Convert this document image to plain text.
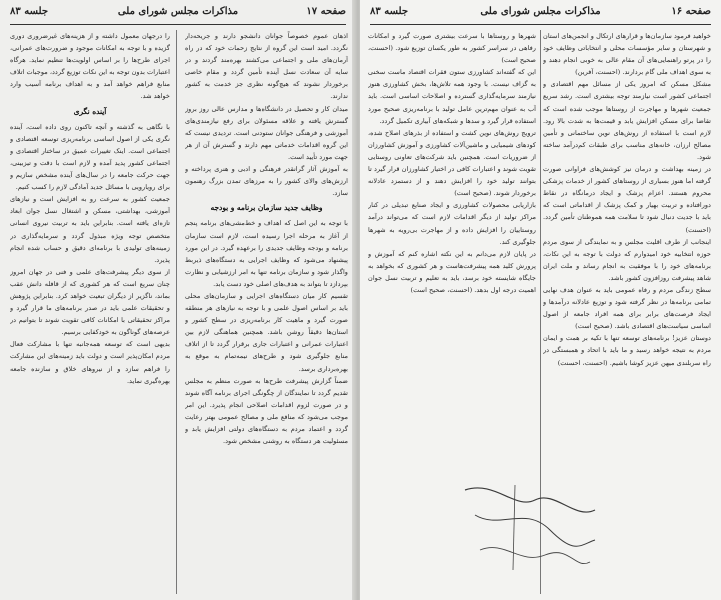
صفحه ۱۷
مذاکرات مجلس شورای ملی
جلسه ۸۳

اذهان عموم خصوصاً جوانان دانشجو دارند و جریحه‌دار نگردد. امید است این گروه از نتایج زحمات خود که در راه آرمان‌های ملی و اجتماعی می‌کشند بهره‌مند گردند و در سایه آن سعادت نسل آینده تأمین گردد و مقام خاصی برخوردار نشوند که هیچ‌گونه نظری جز خدمت به کشور ندارند.

میدان کار و تحصیل در دانشگاه‌ها و مدارس عالی روز بروز گسترش یافته و علاقه مسئولان برای رفع نیازمندی‌های آموزشی و فرهنگی جوانان ستودنی است. تردیدی نیست که این گروه اقدامات خدماتی مهم دارند و گسترش آن از هر جهت مورد تأیید است.

به آموزش آثار گرانقدر فرهنگی و ادبی و هنری پرداخته و ارزش‌های والای کشور را به مرزهای تمدن بزرگ رهنمون سازد.

وظایف جدید سازمان برنامه و بودجه

با توجه به این اصل که اهداف و خط‌مشی‌های برنامه پنجم از آغاز به مرحله اجرا رسیده است، لازم است سازمان برنامه و بودجه وظایف جدیدی را برعهده گیرد. در این مورد پیشنهاد می‌شود که وظایف اجرایی به دستگاه‌های ذیربط واگذار شود و سازمان برنامه تنها به امر ارزشیابی و نظارت بپردازد تا بتواند به هدف‌های اصلی خود دست یابد.

تقسیم کار میان دستگاه‌های اجرایی و سازمان‌های محلی باید بر اساس اصول علمی و با توجه به نیازهای هر منطقه صورت گیرد و ماهیت کار برنامه‌ریزی در سطح کشور و استان‌ها دقیقاً روشن باشد. همچنین هماهنگی لازم بین اعتبارات عمرانی و اعتبارات جاری برقرار گردد تا از اتلاف منابع جلوگیری شود و طرح‌های نیمه‌تمام به موقع به بهره‌برداری برسد.

ضمناً گزارش پیشرفت طرح‌ها به صورت منظم به مجلس تقدیم گردد تا نمایندگان از چگونگی اجرای برنامه آگاه شوند و در صورت لزوم اقدامات اصلاحی انجام پذیرد. این امر موجب می‌شود که منافع ملی و مصالح عمومی بهتر رعایت گردد و اعتماد مردم به دستگاه‌های دولتی افزایش یابد و مسئولیت هر دستگاه به روشنی مشخص شود.

را درجهان معمول داشته و از هزینه‌های غیرضروری دوری گزیده و با توجه به امکانات موجود و ضرورت‌های عمرانی، اجرای طرح‌ها را بر اساس اولویت‌ها تنظیم نماید. هرگاه اعتبارات بدون توجه به این نکات توزیع گردد، موجبات اتلاف منابع فراهم خواهد آمد و به اهداف برنامه آسیب وارد خواهد شد.

آینده نگری

با نگاهی به گذشته و آنچه تاکنون روی داده است، آینده نگری یکی از اصول اساسی برنامه‌ریزی توسعه اقتصادی و اجتماعی است. اینک تغییرات عمیق در ساختار اقتصادی و اجتماعی کشور پدید آمده و لازم است با دقت و تیزبینی، جهت حرکت جامعه را در سال‌های آینده مشخص سازیم و برای رویارویی با مسائل جدید آمادگی لازم را کسب کنیم.

جمعیت کشور به سرعت رو به افزایش است و نیازهای آموزشی، بهداشتی، مسکن و اشتغال نسل جوان ابعاد تازه‌ای یافته است. بنابراین باید به تربیت نیروی انسانی متخصص توجه ویژه مبذول گردد و سرمایه‌گذاری در زمینه‌های تولیدی با برنامه‌ای دقیق و حساب شده انجام پذیرد.

از سوی دیگر پیشرفت‌های علمی و فنی در جهان امروز چنان سریع است که هر کشوری که از قافله دانش عقب بماند، ناگزیر از دیگران تبعیت خواهد کرد. بنابراین پژوهش و تحقیقات علمی باید در صدر برنامه‌های ما قرار گیرد و مراکز تحقیقاتی با امکانات کافی تقویت شوند تا بتوانیم در عرصه‌های گوناگون به خودکفایی برسیم.

بدیهی است که توسعه همه‌جانبه تنها با مشارکت فعال مردم امکان‌پذیر است و دولت باید زمینه‌های این مشارکت را فراهم سازد و از نیروهای خلاق و سازنده جامعه بهره‌گیری نماید.

صفحه ۱۶
مذاکرات مجلس شورای ملی
جلسه ۸۳

خواهید فرمود سازمان‌ها و قرارهای ارتکال و انجمن‌های استان و شهرستان و سایر مؤسسات محلی و انتخاباتی وظایف خود را در پرتو راهنمایی‌های آن مقام عالی به خوبی انجام دهند و به سوی اهداف ملی گام بردارند. (احسنت، آفرین)

مشکل مسکن که امروز یکی از مسائل مهم اقتصادی و اجتماعی کشور است نیازمند توجه بیشتری است. رشد سریع جمعیت شهرها و مهاجرت از روستاها موجب شده است که تقاضا برای مسکن افزایش یابد و قیمت‌ها به شدت بالا رود. لازم است با استفاده از روش‌های نوین ساختمانی و تأمین مصالح ارزان، خانه‌های مناسب برای طبقات کم‌درآمد ساخته شود.

در زمینه بهداشت و درمان نیز کوشش‌های فراوانی صورت گرفته اما هنوز بسیاری از روستاهای کشور از خدمات پزشکی محروم هستند. اعزام پزشک و ایجاد درمانگاه در نقاط دورافتاده و تربیت بهیار و کمک پزشک از اقداماتی است که باید با جدیت دنبال شود تا سلامت همه هموطنان تأمین گردد. (احسنت)

اینجانب از طرف اقلیت مجلس و به نمایندگی از سوی مردم حوزه انتخابیه خود امیدوارم که دولت با توجه به این نکات، برنامه‌های خود را با موفقیت به انجام رساند و ملت ایران شاهد پیشرفت روزافزون کشور باشد.

سطح زندگی مردم و رفاه عمومی باید به عنوان هدف نهایی تمامی برنامه‌ها در نظر گرفته شود و توزیع عادلانه درآمدها و ایجاد فرصت‌های برابر برای همه افراد جامعه از اصول اساسی سیاست‌های اقتصادی باشد. (صحیح است)

دوستان عزیز! برنامه‌های توسعه تنها با تکیه بر همت و ایمان مردم به نتیجه خواهد رسید و ما باید با اتحاد و همبستگی در راه سربلندی میهن عزیز کوشا باشیم. (احسنت، احسنت)

شهرها و روستاها با سرعت بیشتری صورت گیرد و امکانات رفاهی در سراسر کشور به طور یکسان توزیع شود. (احسنت، صحیح است)

این که گفته‌اند کشاورزی ستون فقرات اقتصاد ماست سخنی به گزاف نیست. با وجود همه تلاش‌ها، بخش کشاورزی هنوز نیازمند سرمایه‌گذاری گسترده و اصلاحات اساسی است. باید آب به عنوان مهم‌ترین عامل تولید با برنامه‌ریزی صحیح مورد استفاده قرار گیرد و سدها و شبکه‌های آبیاری تکمیل گردد.

ترویج روش‌های نوین کشت و استفاده از بذرهای اصلاح شده، کودهای شیمیایی و ماشین‌آلات کشاورزی و آموزش کشاورزان از ضروریات است. همچنین باید شرکت‌های تعاونی روستایی تقویت شوند و اعتبارات کافی در اختیار کشاورزان قرار گیرد تا بتوانند تولید خود را افزایش دهند و از دستمزد عادلانه برخوردار شوند. (صحیح است)

بازاریابی محصولات کشاورزی و ایجاد صنایع تبدیلی در کنار مراکز تولید از دیگر اقدامات لازم است که می‌تواند درآمد روستاییان را افزایش داده و از مهاجرت بی‌رویه به شهرها جلوگیری کند.

در پایان لازم می‌دانم به این نکته اشاره کنم که آموزش و پرورش کلید همه پیشرفت‌هاست و هر کشوری که بخواهد به جایگاه شایسته خود برسد، باید به تعلیم و تربیت نسل جوان اهمیت درجه اول بدهد. (احسنت، صحیح است)
